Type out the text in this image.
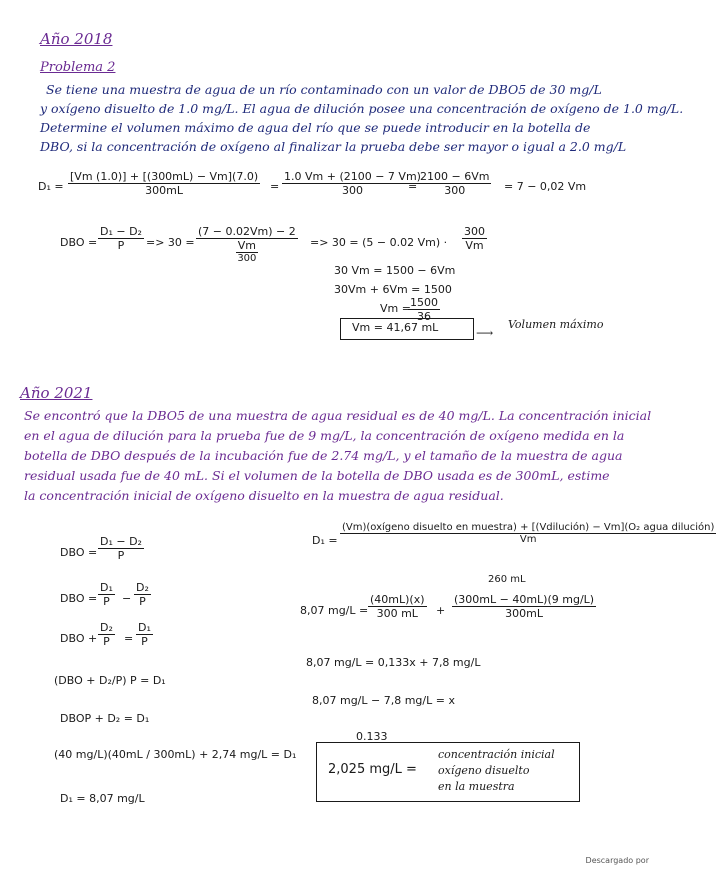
Año 2018
Problema 2
Se tiene una muestra de agua de un río contaminado con un valor de DBO5 de 30 mg/L
y oxígeno disuelto de 1.0 mg/L. El agua de dilución posee una concentración de oxígeno de 1.0 mg/L.
Determine el volumen máximo de agua del río que se puede introducir en la botella de
DBO, si la concentración de oxígeno al finalizar la prueba debe ser mayor o igual a 2.0 mg/L
$D_1 = \frac{[Vm (1.0)] + [(300mL) - Vm](7.0)}{300mL} = \frac{1.0 Vm + (2100 - 7 Vm)}{300}$
= $\frac{2100 - 6Vm}{300} = 7 - 0,02$ Vm
DBO = $\frac{\text{D₁ − D₂}}{P} => 30 = \frac{(7 - 0.02Vm) - 2}{\frac{Vm}{300}} => 30 = (5 - 0.02$ $Vm) \cdot \frac{300}{Vm}$
30 Vm = 1500 − 6Vm
30Vm + 6Vm = 1500
Vm =
$\frac{1500}{36}$
Vm = 41,67 mL	⟶
Volumen máximo
Año 2021
Se encontró que la DBO5 de una muestra de agua residual es de 40 mg/L. La concentración inicial
en el agua de dilución para la prueba fue de 9 mg/L, la concentración de oxígeno medida en la
botella de DBO después de la incubación fue de 2.74 mg/L, y el tamaño de la muestra de agua
residual usada fue de 40 mL. Si el volumen de la botella de DBO usada es de 300mL, estime
la concentración inicial de oxígeno disuelto en la muestra de agua residual.
DBO = $\frac{\text{D₁ − D₂}}{P}$
DBO = $\frac{\text{D₁}}{P} - \frac{\text{D₂}}{P}$
DBO + $\frac{\text{D₂}}{P} = \frac{\text{D₁}}{P}$
(DBO + D₂/P) P = D₁
DBOP + D₂ = D₁
(40 mg/L)(40mL / 300mL) + 2,74 mg/L = D₁
D₁ = 8,07 mg/L
D₁ =
(Vm)(oxígeno disuelto en muestra) + [(Vdilución) − Vm](O₂ agua dilución)
Vm
260 mL
8,07 $mg/L = \frac{(40mL)(x)}{300 mL} + \frac{(300mL - 40mL)(9 mg/L)}{300mL}$
8,07 mg/L = 0,133x + 7,8 mg/L
8,07 mg/L − 7,8 mg/L = x
0.133
2,025 mg/L =
concentración inicial
oxígeno disuelto
en la muestra
Descargado por
